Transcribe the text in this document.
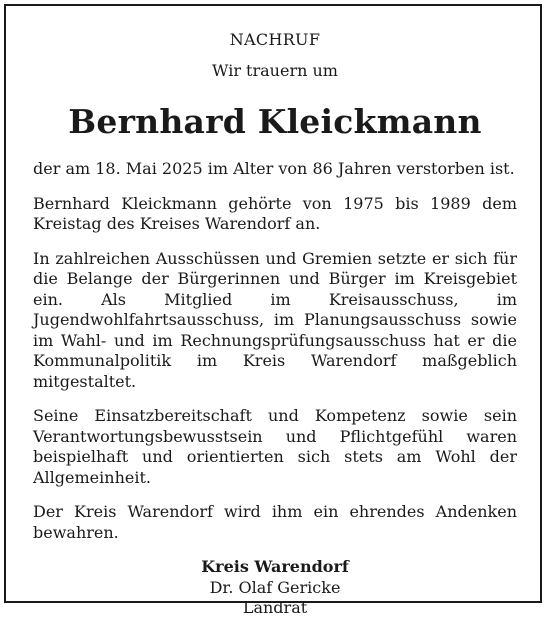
NACHRUF
Wir trauern um
Bernhard Kleickmann

der am 18. Mai 2025 im Alter von 86 Jahren verstorben ist.

Bernhard Kleickmann gehörte von 1975 bis 1989 dem Kreistag des Kreises Warendorf an.

In zahlreichen Ausschüssen und Gremien setzte er sich für die Belange der Bürgerinnen und Bürger im Kreisgebiet ein. Als Mitglied im Kreisausschuss, im Jugendwohlfahrtsausschuss, im Planungsausschuss sowie im Wahl- und im Rechnungsprüfungsausschuss hat er die Kommunalpolitik im Kreis Warendorf maßgeblich mitgestaltet.

Seine Einsatzbereitschaft und Kompetenz sowie sein Verantwortungsbewusstsein und Pflichtgefühl waren beispielhaft und orientierten sich stets am Wohl der Allgemeinheit.

Der Kreis Warendorf wird ihm ein ehrendes Andenken bewahren.

Kreis Warendorf
Dr. Olaf Gericke
Landrat
